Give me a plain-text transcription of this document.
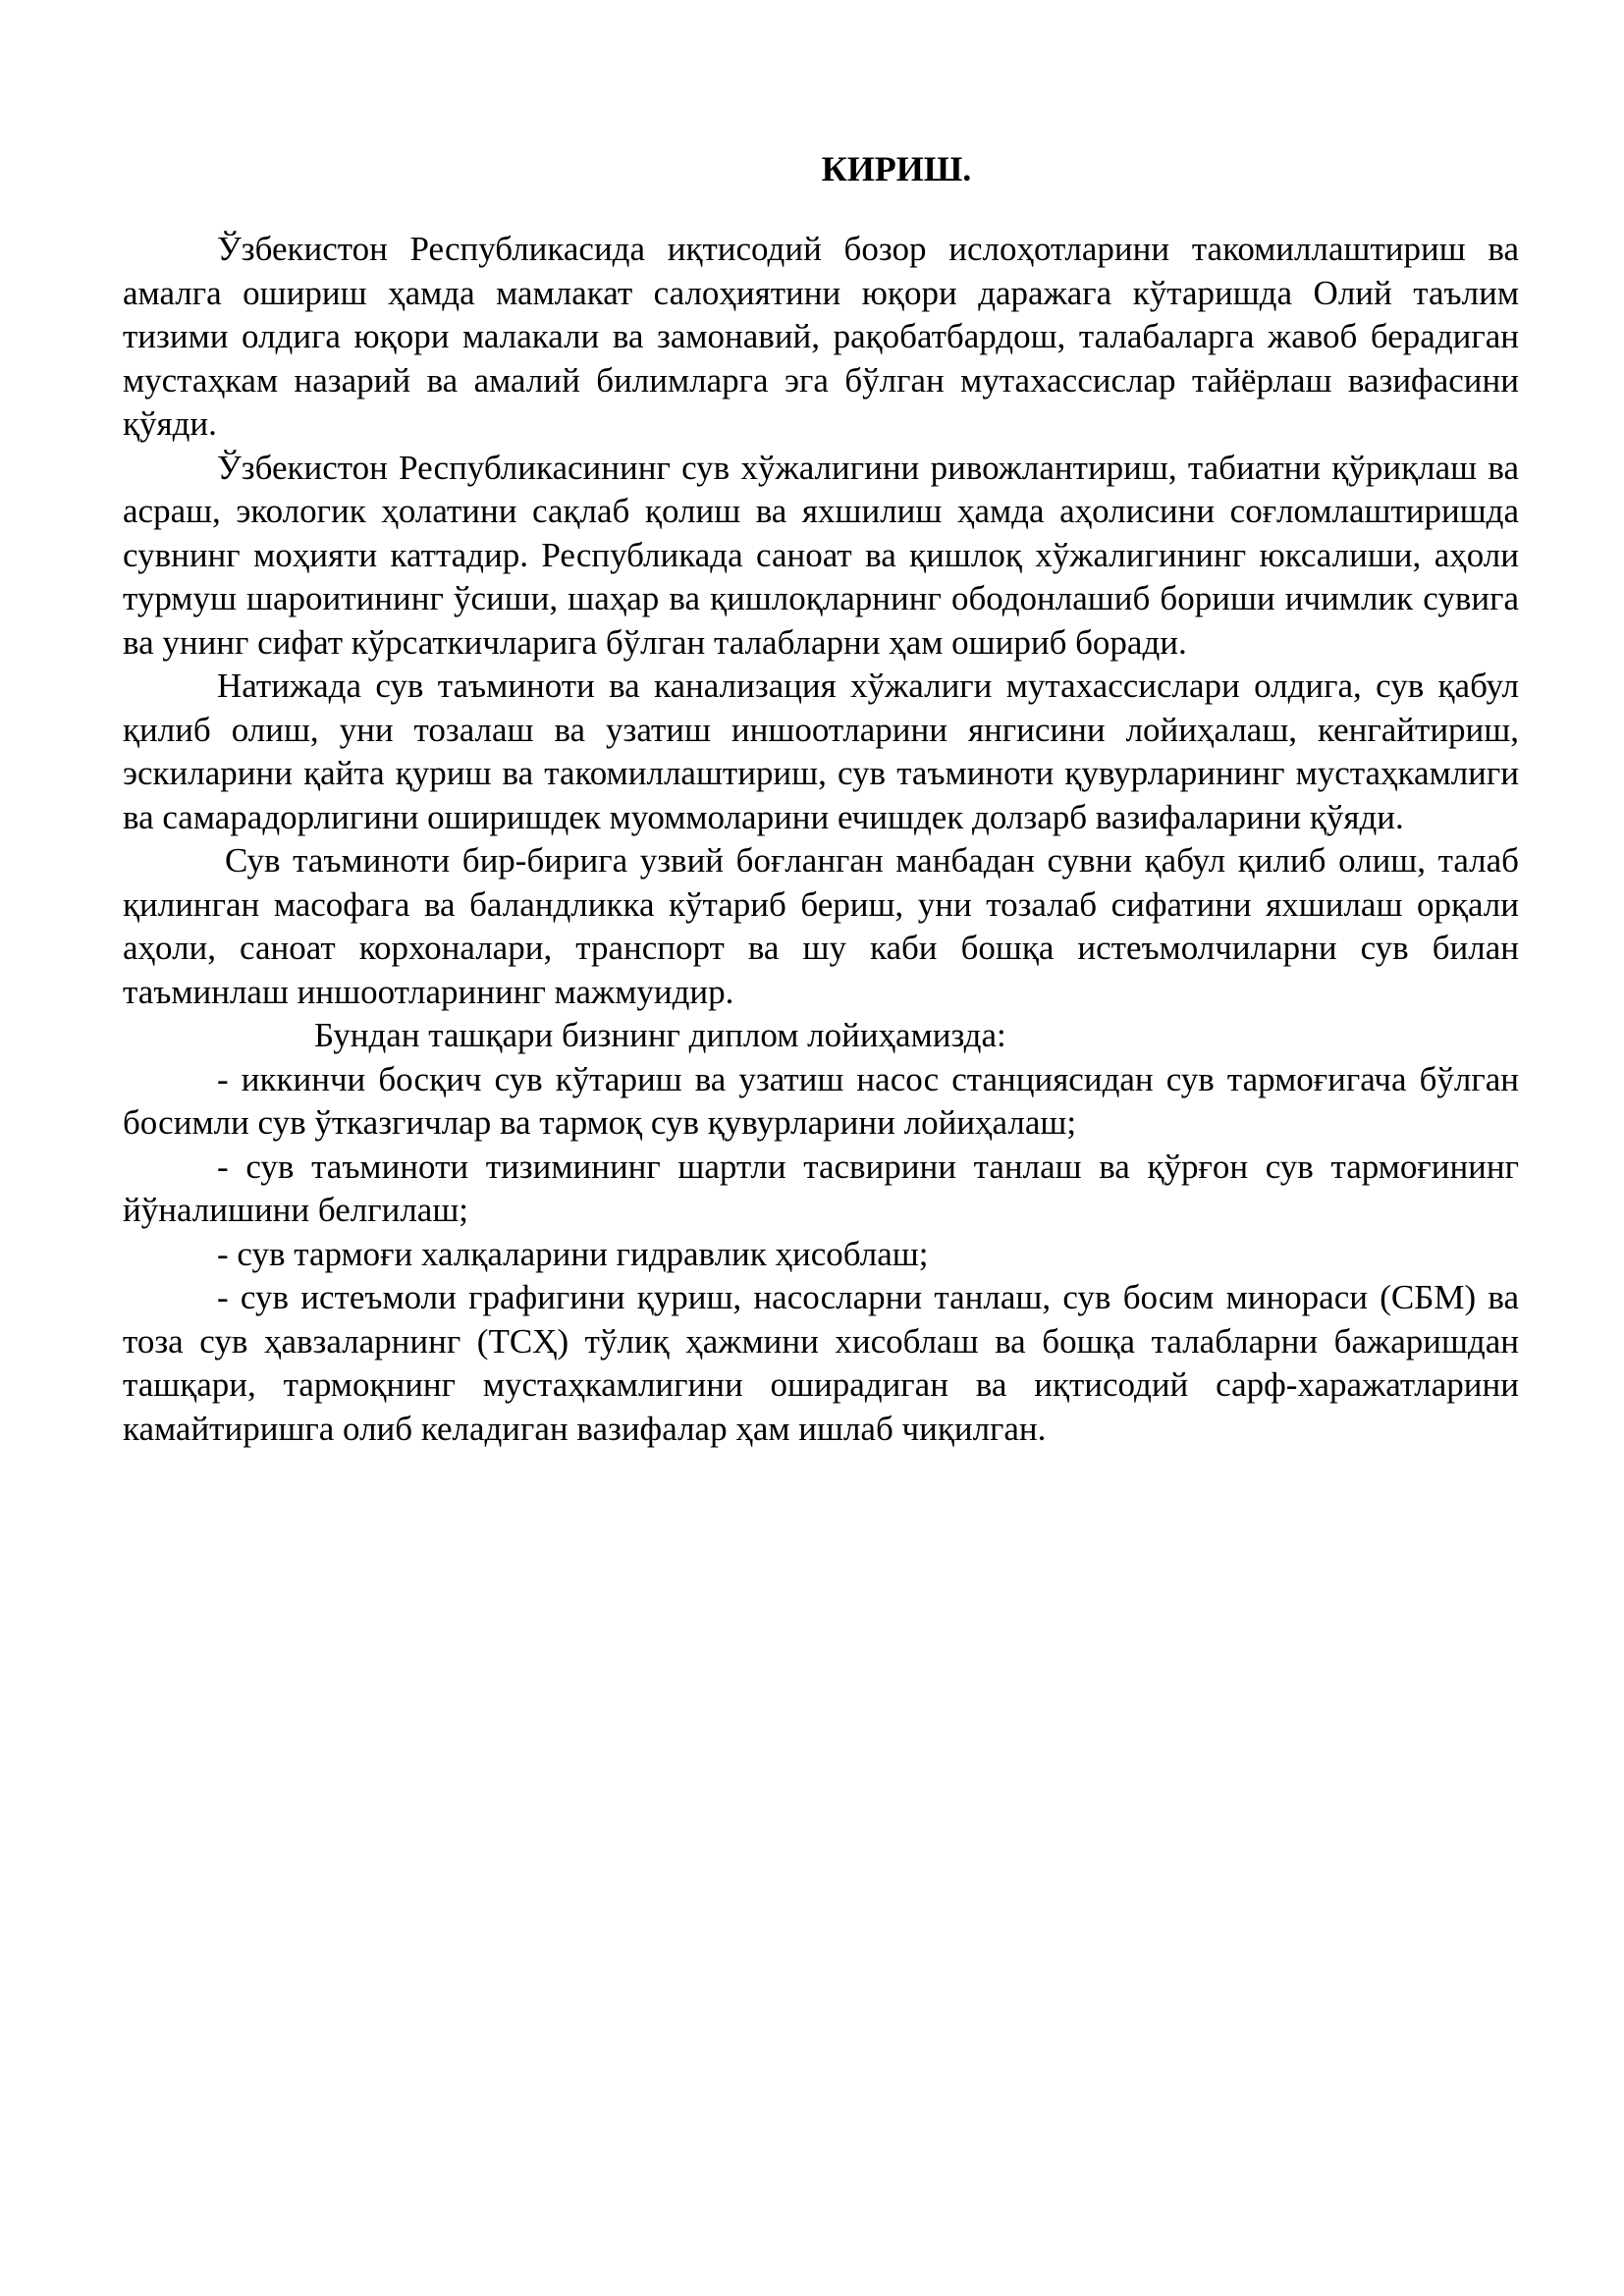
КИРИШ.

Ўзбекистон Республикасида иқтисодий бозор ислоҳотларини такомиллаштириш ва амалга ошириш ҳамда мамлакат салоҳиятини юқори даражага кўтаришда Олий таълим тизими олдига юқори малакали ва замонавий, рақобатбардош, талабаларга жавоб берадиган мустаҳкам назарий ва амалий билимларга эга бўлган мутахассислар тайёрлаш вазифасини қўяди.

Ўзбекистон Республикасининг сув хўжалигини ривожлантириш, табиатни қўриқлаш ва асраш, экологик ҳолатини сақлаб қолиш ва яхшилиш ҳамда аҳолисини соғломлаштиришда сувнинг моҳияти каттадир. Республикада саноат ва қишлоқ хўжалигининг юксалиши, аҳоли турмуш шароитининг ўсиши, шаҳар ва қишлоқларнинг ободонлашиб бориши ичимлик сувига ва унинг сифат кўрсаткичларига бўлган талабларни ҳам ошириб боради.

Натижада сув таъминоти ва канализация хўжалиги мутахассислари олдига, сув қабул қилиб олиш, уни тозалаш ва узатиш иншоотларини янгисини лойиҳалаш, кенгайтириш, эскиларини қайта қуриш ва такомиллаштириш, сув таъминоти қувурларининг мустаҳкамлиги ва самарадорлигини оширишдек муоммоларини ечишдек долзарб вазифаларини қўяди.

Сув таъминоти бир-бирига узвий боғланган манбадан сувни қабул қилиб олиш, талаб қилинган масофага ва баландликка кўтариб бериш, уни тозалаб сифатини яхшилаш орқали аҳоли, саноат корхоналари, транспорт ва шу каби бошқа истеъмолчиларни сув билан таъминлаш иншоотларининг мажмуидир.

Бундан ташқари бизнинг диплом лойиҳамизда:

- иккинчи босқич сув кўтариш ва узатиш насос станциясидан сув тармоғигача бўлган босимли сув ўтказгичлар ва тармоқ сув қувурларини лойиҳалаш;

- сув таъминоти тизимининг шартли тасвирини танлаш ва қўрғон сув тармоғининг йўналишини белгилаш;

- сув тармоғи халқаларини гидравлик ҳисоблаш;

- сув истеъмоли графигини қуриш, насосларни танлаш, сув босим минораси (СБМ) ва тоза сув ҳавзаларнинг (ТСҲ) тўлиқ ҳажмини хисоблаш ва бошқа талабларни бажаришдан ташқари, тармоқнинг мустаҳкамлигини оширадиган ва иқтисодий сарф-харажатларини камайтиришга олиб келадиган вазифалар ҳам ишлаб чиқилган.
